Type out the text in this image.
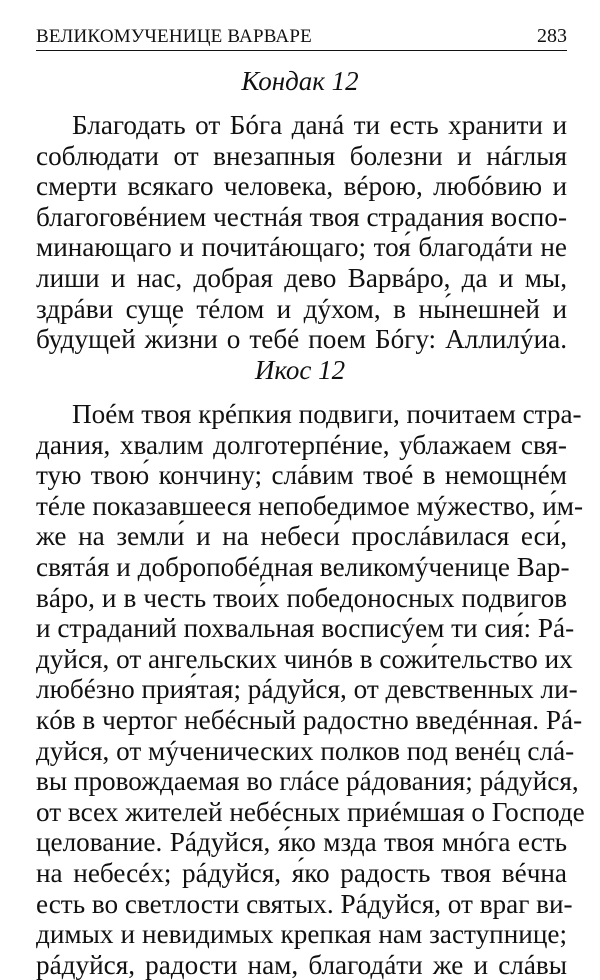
ВЕЛИКОМУЧЕНИЦЕ ВАРВАРЕ	283
Кондак 12
Благодать от Бóга данá ти есть хранити и
соблюдати от внезапныя болезни и нáглыя
смерти всякаго человека, вéрою, любóвию и
благоговéнием честнáя твоя страдания воспо-
минающаго и почитáющаго; тоя́ благодáти не
лиши и нас, добрая дево Варвáро, да и мы,
здрáви суще тéлом и дýхом, в ны́нешней и
будущей жи́зни о тебé поем Бóгу: Аллилýиа.
Икос 12
Поéм твоя крéпкия подвиги, почитаем стра-
дания, хвалим долготерпéние, ублажаем свя-
тую твою́ кончину; слáвим твоé в немощнéм
тéле показавшееся непобедимое мýжество, и́м-
же на земли́ и на небеси́ прослáвилася еси́,
святáя и добропобéдная великомýченице Вар-
вáро, и в честь твои́х победоносных подвигов
и страданий похвальная восписýем ти сия́: Рá-
дуйся, от ангельских чинóв в сожи́тельство их
любéзно прия́тая; рáдуйся, от девственных ли-
кóв в чертог небéсный радостно введéнная. Рá-
дуйся, от мýченических полков под венéц слá-
вы провождаемая во глáсе рáдования; рáдуйся,
от всех жителей небéсных приéмшая о Господе
целование. Рáдуйся, я́ко мзда твоя мнóга есть
на небесéх; рáдуйся, я́ко радость твоя вéчна
есть во светлости святых. Рáдуйся, от враг ви-
димых и невидимых крепкая нам заступнице;
рáдуйся, радости нам, благодáти же и слáвы
